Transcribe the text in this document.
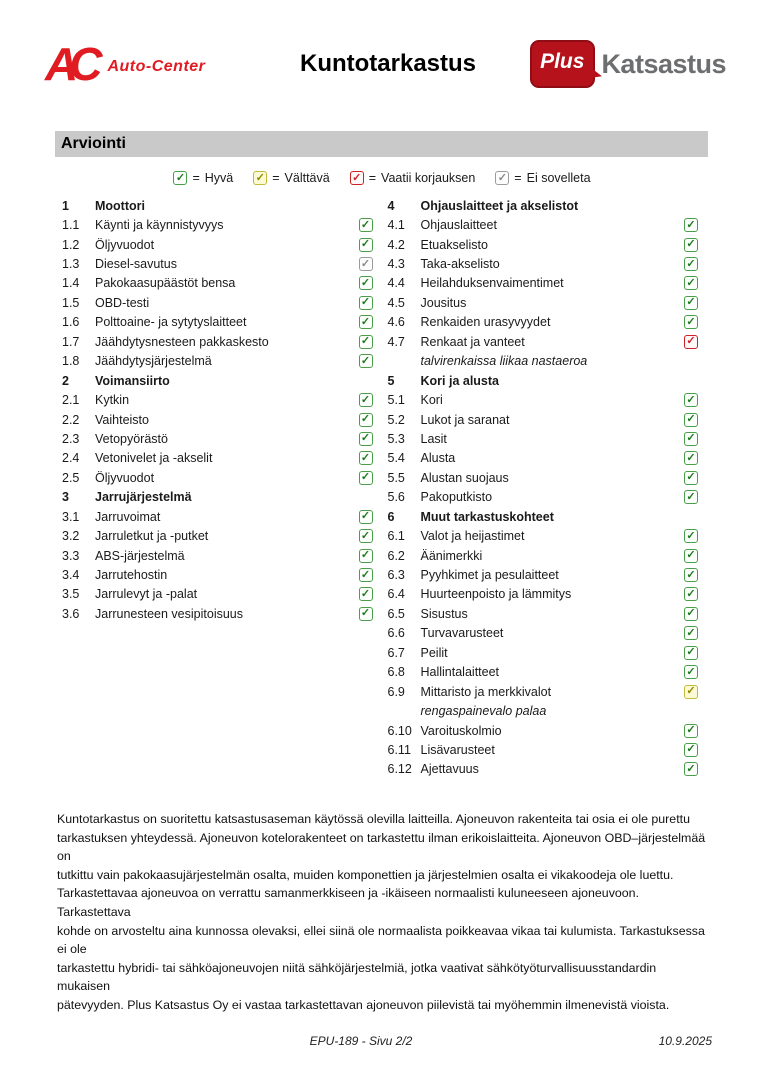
AC Auto-Center	Kuntotarkastus	Plus Katsastus
Arviointi
✓ = Hyvä ✓ = Välttävä ✓ = Vaatii korjauksen ✓ = Ei sovelleta
1	Moottori
1.1	Käynti ja käynnistyvyys	✓
1.2	Öljyvuodot	✓
1.3	Diesel-savutus	✓
1.4	Pakokaasupäästöt bensa	✓
1.5	OBD-testi	✓
1.6	Polttoaine- ja sytytyslaitteet	✓
1.7	Jäähdytysnesteen pakkaskesto	✓
1.8	Jäähdytysjärjestelmä	✓
2	Voimansiirto
2.1	Kytkin	✓
2.2	Vaihteisto	✓
2.3	Vetopyörästö	✓
2.4	Vetonivelet ja -akselit	✓
2.5	Öljyvuodot	✓
3	Jarrujärjestelmä
3.1	Jarruvoimat	✓
3.2	Jarruletkut ja -putket	✓
3.3	ABS-järjestelmä	✓
3.4	Jarrutehostin	✓
3.5	Jarrulevyt ja -palat	✓
3.6	Jarrunesteen vesipitoisuus	✓
4	Ohjauslaitteet ja akselistot
4.1	Ohjauslaitteet	✓
4.2	Etuakselisto	✓
4.3	Taka-akselisto	✓
4.4	Heilahduksenvaimentimet	✓
4.5	Jousitus	✓
4.6	Renkaiden urasyvyydet	✓
4.7	Renkaat ja vanteet	✓
talvirenkaissa liikaa nastaeroa
5	Kori ja alusta
5.1	Kori	✓
5.2	Lukot ja saranat	✓
5.3	Lasit	✓
5.4	Alusta	✓
5.5	Alustan suojaus	✓
5.6	Pakoputkisto	✓
6	Muut tarkastuskohteet
6.1	Valot ja heijastimet	✓
6.2	Äänimerkki	✓
6.3	Pyyhkimet ja pesulaitteet	✓
6.4	Huurteenpoisto ja lämmitys	✓
6.5	Sisustus	✓
6.6	Turvavarusteet	✓
6.7	Peilit	✓
6.8	Hallintalaitteet	✓
6.9	Mittaristo ja merkkivalot	✓
rengaspainevalo palaa
6.10 Varoituskolmio	✓
6.11 Lisävarusteet	✓
6.12 Ajettavuus	✓
Kuntotarkastus on suoritettu katsastusaseman käytössä olevilla laitteilla. Ajoneuvon rakenteita tai osia ei ole purettu
tarkastuksen yhteydessä. Ajoneuvon kotelorakenteet on tarkastettu ilman erikoislaitteita. Ajoneuvon OBD–järjestelmää on
tutkittu vain pakokaasujärjestelmän osalta, muiden komponettien ja järjestelmien osalta ei vikakoodeja ole luettu.
Tarkastettavaa ajoneuvoa on verrattu samanmerkkiseen ja -ikäiseen normaalisti kuluneeseen ajoneuvoon. Tarkastettava
kohde on arvosteltu aina kunnossa olevaksi, ellei siinä ole normaalista poikkeavaa vikaa tai kulumista. Tarkastuksessa ei ole
tarkastettu hybridi- tai sähköajoneuvojen niitä sähköjärjestelmiä, jotka vaativat sähkötyöturvallisuusstandardin mukaisen
pätevyyden. Plus Katsastus Oy ei vastaa tarkastettavan ajoneuvon piilevistä tai myöhemmin ilmenevistä vioista.
EPU-189 - Sivu 2/2	10.9.2025
